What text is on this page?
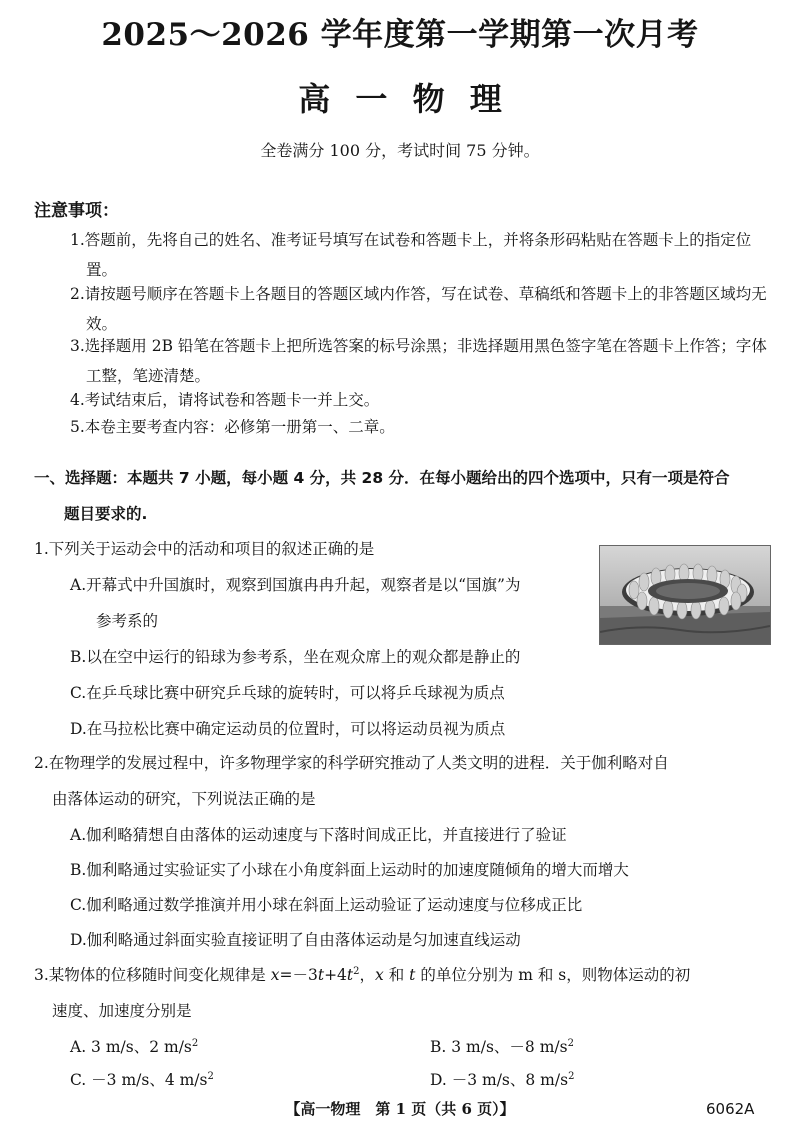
2025～2026 学年度第一学期第一次月考
高 一 物 理
全卷满分 100 分，考试时间 75 分钟。
注意事项：
1.答题前，先将自己的姓名、准考证号填写在试卷和答题卡上，并将条形码粘贴在答题卡上的指定位置。
2.请按题号顺序在答题卡上各题目的答题区域内作答，写在试卷、草稿纸和答题卡上的非答题区域均无效。
3.选择题用 2B 铅笔在答题卡上把所选答案的标号涂黑；非选择题用黑色签字笔在答题卡上作答；字体工整，笔迹清楚。
4.考试结束后，请将试卷和答题卡一并上交。
5.本卷主要考查内容：必修第一册第一、二章。
一、选择题：本题共 7 小题，每小题 4 分，共 28 分．在每小题给出的四个选项中，只有一项是符合
题目要求的.
1.下列关于运动会中的活动和项目的叙述正确的是
A.开幕式中升国旗时，观察到国旗冉冉升起，观察者是以“国旗”为
参考系的
B.以在空中运行的铅球为参考系，坐在观众席上的观众都是静止的
C.在乒乓球比赛中研究乒乓球的旋转时，可以将乒乓球视为质点
D.在马拉松比赛中确定运动员的位置时，可以将运动员视为质点
2.在物理学的发展过程中，许多物理学家的科学研究推动了人类文明的进程．关于伽利略对自
由落体运动的研究，下列说法正确的是
A.伽利略猜想自由落体的运动速度与下落时间成正比，并直接进行了验证
B.伽利略通过实验证实了小球在小角度斜面上运动时的加速度随倾角的增大而增大
C.伽利略通过数学推演并用小球在斜面上运动验证了运动速度与位移成正比
D.伽利略通过斜面实验直接证明了自由落体运动是匀加速直线运动
3.某物体的位移随时间变化规律是 $x=-3t+4t^2$，x 和 t 的单位分别为 m 和 s，则物体运动的初
速度、加速度分别是
A. 3 m/s、2 $m/s^2$	B. 3 m/s、－8 $m/s^2$
C. －3 m/s、4 $m/s^2$	D. －3 m/s、8 $m/s^2$
【高一物理　第 1 页（共 6 页）】	6062A
